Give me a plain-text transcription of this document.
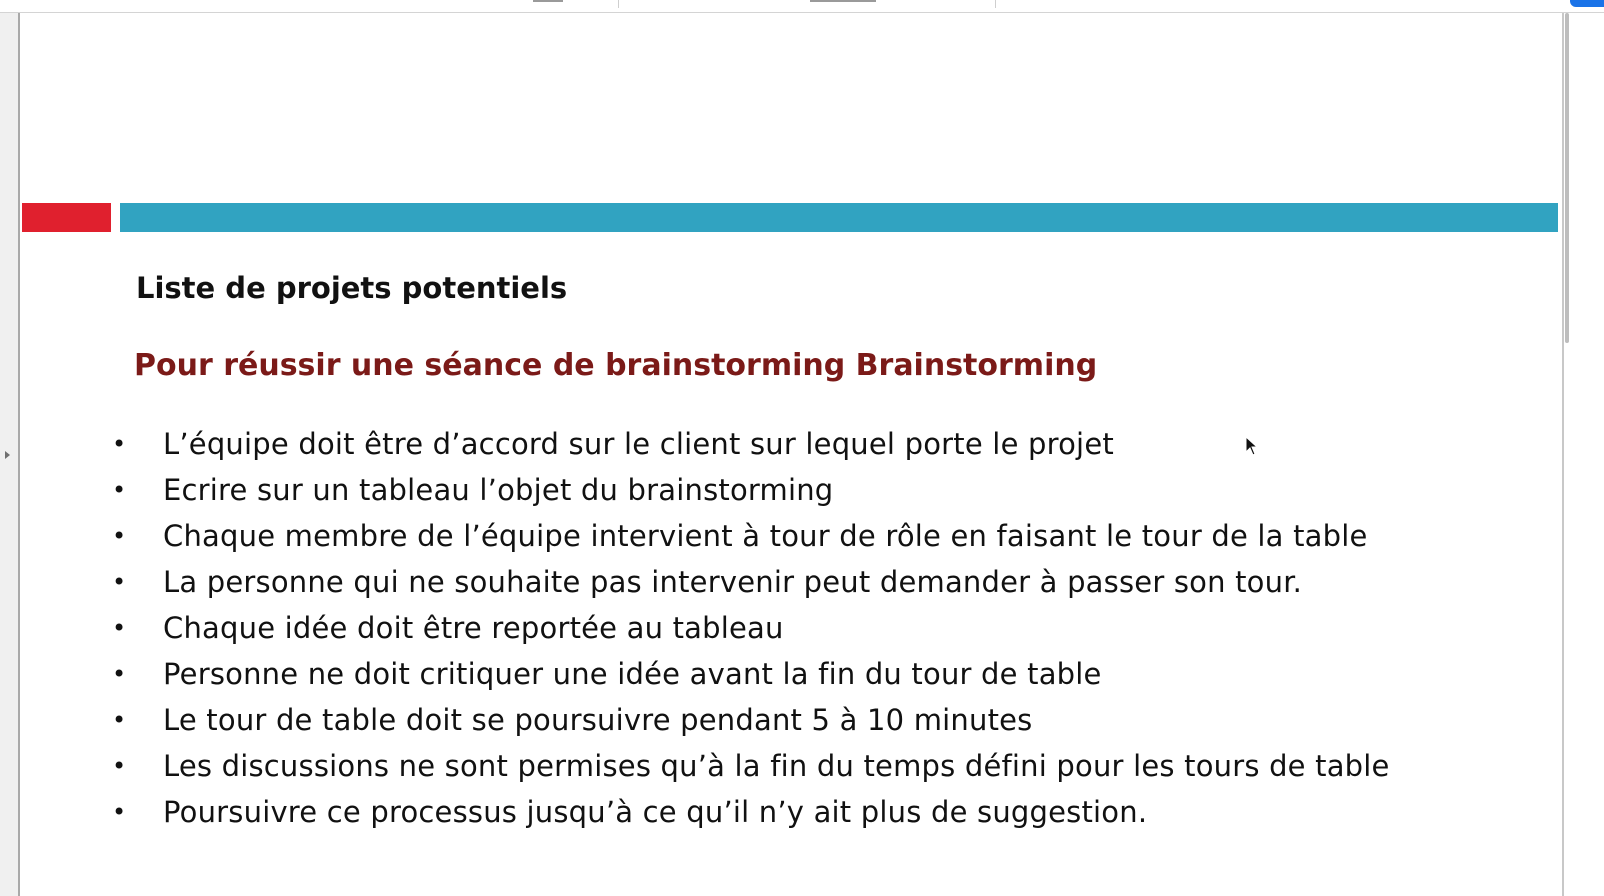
Liste de projets potentiels
Pour réussir une séance de brainstorming Brainstorming
• L’équipe doit être d’accord sur le client sur lequel porte le projet
• Ecrire sur un tableau l’objet du brainstorming
• Chaque membre de l’équipe intervient à tour de rôle en faisant le tour de la table
• La personne qui ne souhaite pas intervenir peut demander à passer son tour.
• Chaque idée doit être reportée au tableau
• Personne ne doit critiquer une idée avant la fin du tour de table
• Le tour de table doit se poursuivre pendant 5 à 10 minutes
• Les discussions ne sont permises qu’à la fin du temps défini pour les tours de table
• Poursuivre ce processus jusqu’à ce qu’il n’y ait plus de suggestion.
